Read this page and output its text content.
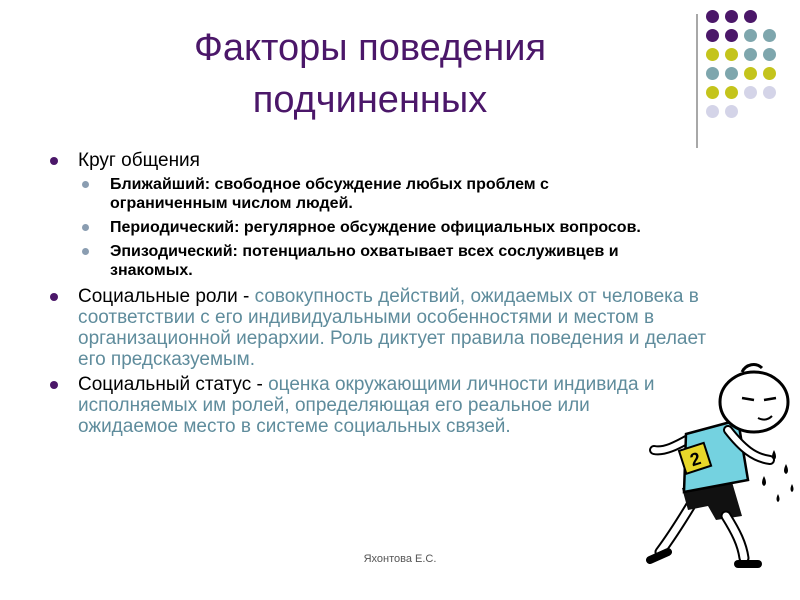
Факторы поведения
подчиненных
Круг общения
Ближайший: свободное обсуждение любых проблем с ограниченным числом людей.
Периодический: регулярное обсуждение официальных вопросов.
Эпизодический: потенциально охватывает всех сослуживцев и знакомых.
Социальные роли - совокупность действий, ожидаемых от человека в соответствии с его индивидуальными особенностями и местом в организационной иерархии. Роль диктует правила поведения и делает его предсказуемым.
Социальный статус - оценка окружающими личности индивида и исполняемых им ролей, определяющая его реальное или ожидаемое место в системе социальных связей.
Яхонтова Е.С.	5
2
